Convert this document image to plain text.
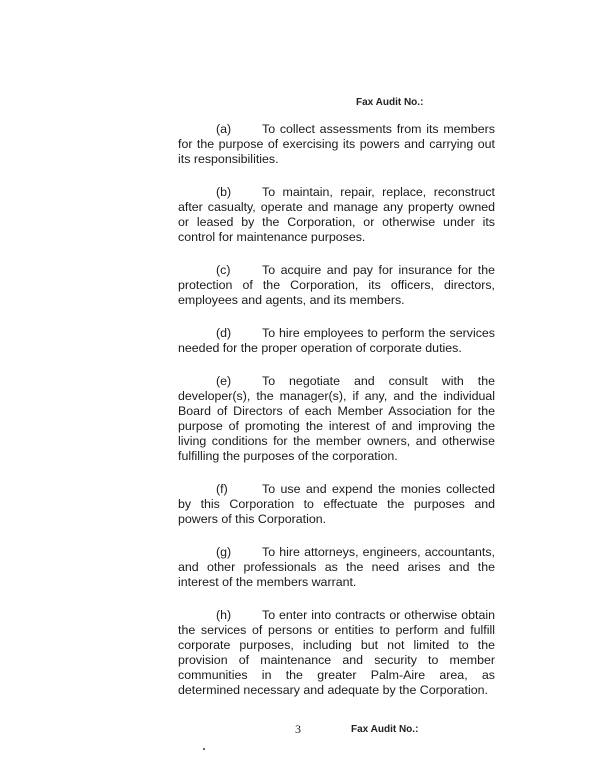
Fax Audit No.:

(a) To collect assessments from its members for the purpose of exercising its powers and carrying out its responsibilities.

(b) To maintain, repair, replace, reconstruct after casualty, operate and manage any property owned or leased by the Corporation, or otherwise under its control for maintenance purposes.

(c)	To acquire and pay for insurance for the protection of the Corporation, its officers, directors, employees and agents, and its members.

(d) To hire employees to perform the services needed for the proper operation of corporate duties.

(e) To negotiate and consult with the developer(s), the manager(s), if any, and the individual Board of Directors of each Member Association for the purpose of promoting the interest of and improving the living conditions for the member owners, and otherwise fulfilling the purposes of the corporation.

(f)	To use and expend the monies collected by this Corporation to effectuate the purposes and powers of this Corporation.

(g) To hire attorneys, engineers, accountants, and other professionals as the need arises and the interest of the members warrant.

(h) To enter into contracts or otherwise obtain the services of persons or entities to perform and fulfill corporate purposes, including but not limited to the provision of maintenance and security to member communities in the greater Palm-Aire area, as determined necessary and adequate by the Corporation.

3	Fax Audit No.:
